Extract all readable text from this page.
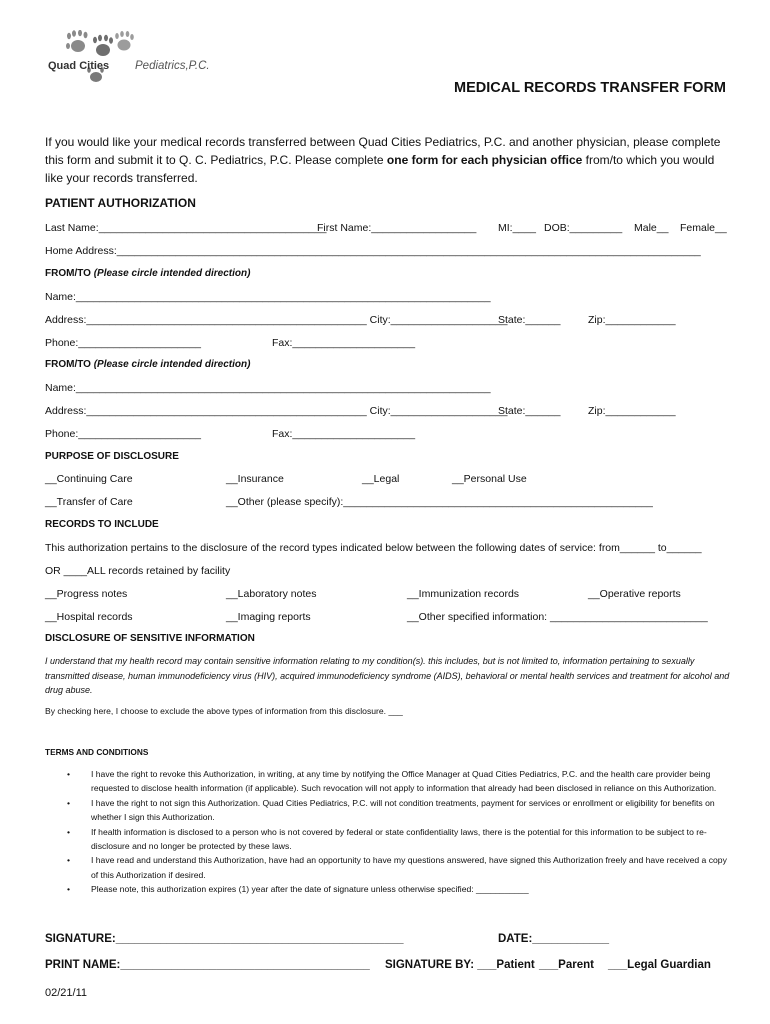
Quad Cities Pediatrics,P.C.
MEDICAL RECORDS TRANSFER FORM
If you would like your medical records transferred between Quad Cities Pediatrics, P.C. and another physician, please complete this form and submit it to Q. C. Pediatrics, P.C. Please complete one form for each physician office from/to which you would like your records transferred.
PATIENT AUTHORIZATION
Last Name:_______________________________________
First Name:__________________ MI:____ DOB:_________ Male__ Female__
Home Address:____________________________________________________________________________________________________
FROM/TO (Please circle intended direction)
Name:_______________________________________________________________________
Address:________________________________________________ City:____________________
State:______	Zip:____________
Phone:_____________________	Fax:_____________________
FROM/TO (Please circle intended direction)
Name:_______________________________________________________________________
Address:________________________________________________ City:____________________
State:______	Zip:____________
Phone:_____________________	Fax:_____________________
PURPOSE OF DISCLOSURE
__Continuing Care	__Insurance	__Legal	__Personal Use
__Transfer of Care	__Other (please specify):_____________________________________________________
RECORDS TO INCLUDE
This authorization pertains to the disclosure of the record types indicated below between the following dates of service: from______ to______
OR ____ALL records retained by facility
__Progress notes	__Laboratory notes	__Immunization records	__Operative reports
__Hospital records	__Imaging reports	__Other specified information: ___________________________
DISCLOSURE OF SENSITIVE INFORMATION
I understand that my health record may contain sensitive information relating to my condition(s). this includes, but is not limited to, information pertaining to sexually transmitted disease, human immunodeficiency virus (HIV), acquired immunodeficiency syndrome (AIDS), behavioral or mental health services and treatment for alcohol and drug abuse.
By checking here, I choose to exclude the above types of information from this disclosure. ___
TERMS AND CONDITIONS
• I have the right to revoke this Authorization, in writing, at any time by notifying the Office Manager at Quad Cities Pediatrics, P.C. and the health care provider being requested to disclose health information (if applicable). Such revocation will not apply to information that already had been disclosed in reliance on this Authorization.
• I have the right to not sign this Authorization. Quad Cities Pediatrics, P.C. will not condition treatments, payment for services or enrollment or eligibility for benefits on whether I sign this Authorization.
• If health information is disclosed to a person who is not covered by federal or state confidentiality laws, there is the potential for this information to be subject to re-disclosure and no longer be protected by these laws.
• I have read and understand this Authorization, have had an opportunity to have my questions answered, have signed this Authorization freely and have received a copy of this Authorization if desired.
• Please note, this authorization expires (1) year after the date of signature unless otherwise specified: ___________
SIGNATURE:_____________________________________________	DATE:____________
PRINT NAME:_______________________________________ SIGNATURE BY: ___Patient ___Parent ___Legal Guardian
02/21/11
